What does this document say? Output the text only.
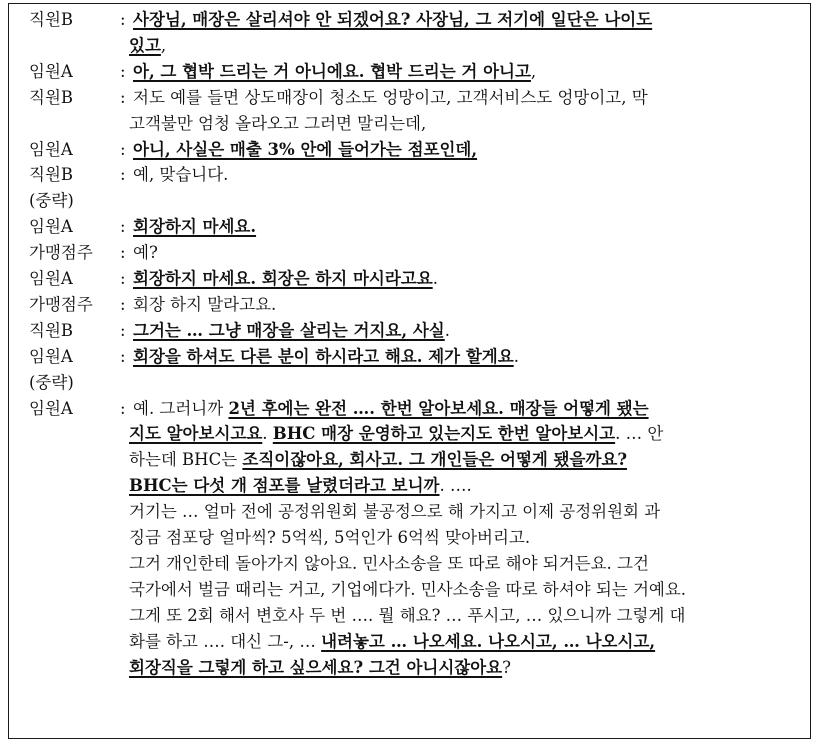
직원B	: 사장님, 매장은 살리셔야 안 되겠어요? 사장님, 그 저기에 일단은 나이도
있고,
임원A	: 아, 그 협박 드리는 거 아니에요. 협박 드리는 거 아니고,
직원B	: 저도 예를 들면 상도매장이 청소도 엉망이고, 고객서비스도 엉망이고, 막
고객불만 엄청 올라오고 그러면 말리는데,
임원A	: 아니, 사실은 매출 3% 안에 들어가는 점포인데,
직원B	: 예, 맞습니다.
(중략)
임원A	: 회장하지 마세요.
가맹점주 : 예?
임원A	: 회장하지 마세요. 회장은 하지 마시라고요.
가맹점주 : 회장 하지 말라고요.
직원B	: 그거는 … 그냥 매장을 살리는 거지요, 사실.
임원A	: 회장을 하셔도 다른 분이 하시라고 해요. 제가 할게요.
(중략)
임원A	: 예. 그러니까 2년 후에는 완전 …. 한번 알아보세요. 매장들 어떻게 됐는
지도 알아보시고요. BHC 매장 운영하고 있는지도 한번 알아보시고. … 안
하는데 BHC는 조직이잖아요, 회사고. 그 개인들은 어떻게 됐을까요?
BHC는 다섯 개 점포를 날렸더라고 보니까. ….
거기는 … 얼마 전에 공정위원회 불공정으로 해 가지고 이제 공정위원회 과
징금 점포당 얼마씩? 5억씩, 5억인가 6억씩 맞아버리고.
그거 개인한테 돌아가지 않아요. 민사소송을 또 따로 해야 되거든요. 그건
국가에서 벌금 때리는 거고, 기업에다가. 민사소송을 따로 하셔야 되는 거예요.
그게 또 2회 해서 변호사 두 번 …. 뭘 해요? … 푸시고, … 있으니까 그렇게 대
화를 하고 …. 대신 그-, … 내려놓고 … 나오세요. 나오시고, … 나오시고,
회장직을 그렇게 하고 싶으세요? 그건 아니시잖아요?
